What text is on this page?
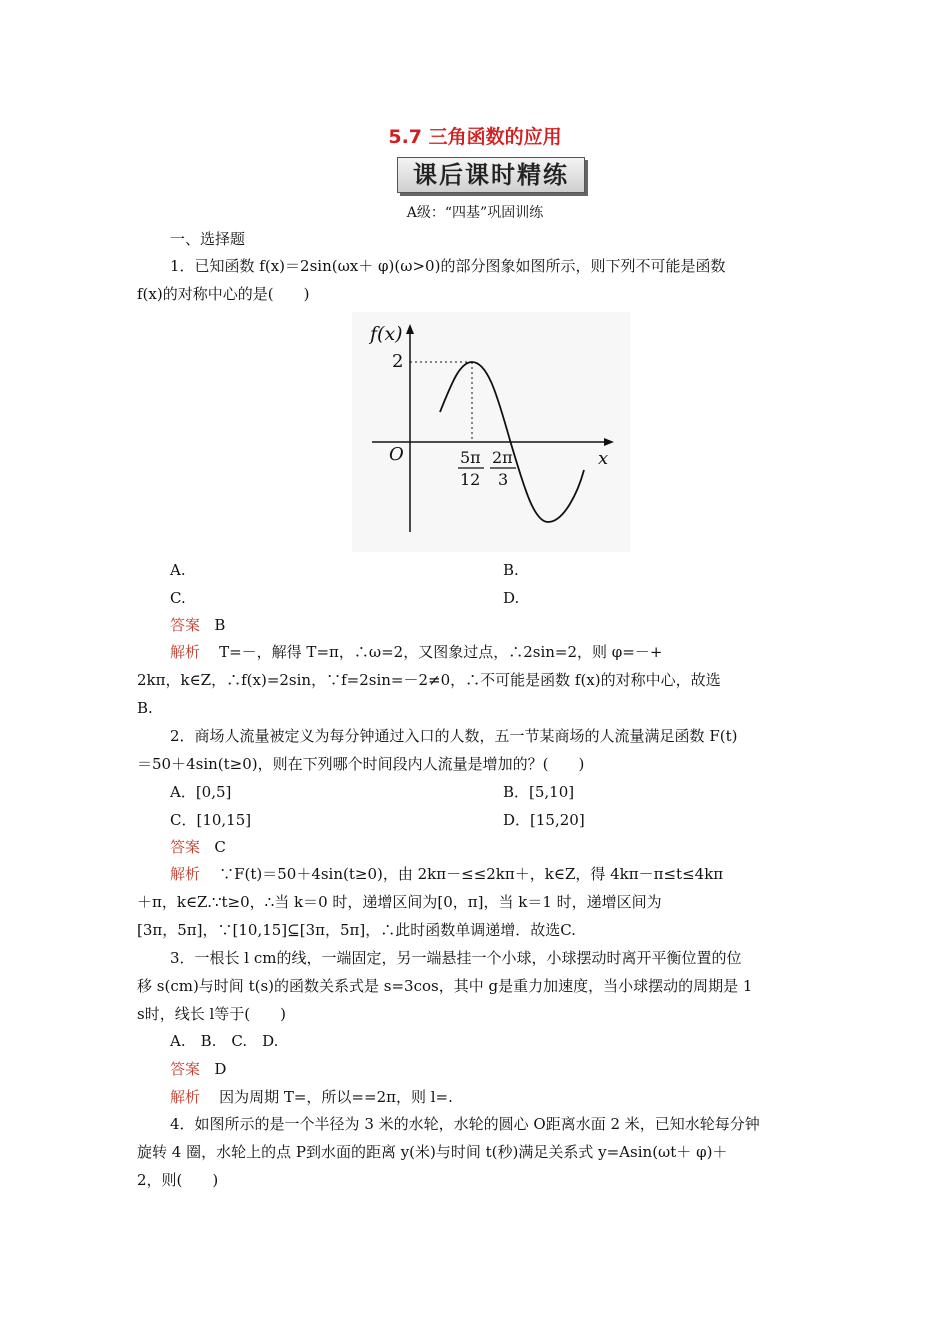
5.7 三角函数的应用
课后课时精练
A级：“四基”巩固训练
一、选择题

1．已知函数 f(x)＝2sin(ωx＋ φ)(ω>0)的部分图象如图所示，则下列不可能是函数

f(x)的对称中心的是(　　)

f(x)
2
O	x
5π
12
2π
3
A.	B.
C.	D.
答案 B

解析 T=－，解得 T=π，∴ω=2，又图象过点，∴2sin=2，则 φ=－+

2kπ，k∈Z，∴f(x)=2sin，∵f=2sin=－2≠0，∴不可能是函数 f(x)的对称中心，故选

B.

2．商场人流量被定义为每分钟通过入口的人数，五一节某商场的人流量满足函数 F(t)

＝50＋4sin(t≥0)，则在下列哪个时间段内人流量是增加的？(　　)

A．[0,5]	B．[5,10]
C．[10,15]	D．[15,20]
答案 C

解析 ∵F(t)＝50＋4sin(t≥0)，由 2kπ－≤≤2kπ＋，k∈Z，得 4kπ－π≤t≤4kπ

＋π，k∈Z.∵t≥0，∴当 k＝0 时，递增区间为[0，π]，当 k＝1 时，递增区间为

[3π，5π]，∵[10,15]⊆[3π，5π]，∴此时函数单调递增．故选C.

3．一根长 l cm的线，一端固定，另一端悬挂一个小球，小球摆动时离开平衡位置的位

移 s(cm)与时间 t(s)的函数关系式是 s=3cos，其中 g是重力加速度，当小球摆动的周期是 1

s时，线长 l等于(　　)

A.　B.　C.　D.
答案 D
解析 因为周期 T=，所以==2π，则 l=.

4．如图所示的是一个半径为 3 米的水轮，水轮的圆心 O距离水面 2 米，已知水轮每分钟

旋转 4 圈，水轮上的点 P到水面的距离 y(米)与时间 t(秒)满足关系式 y=Asin(ωt＋ φ)＋

2，则(　　)
